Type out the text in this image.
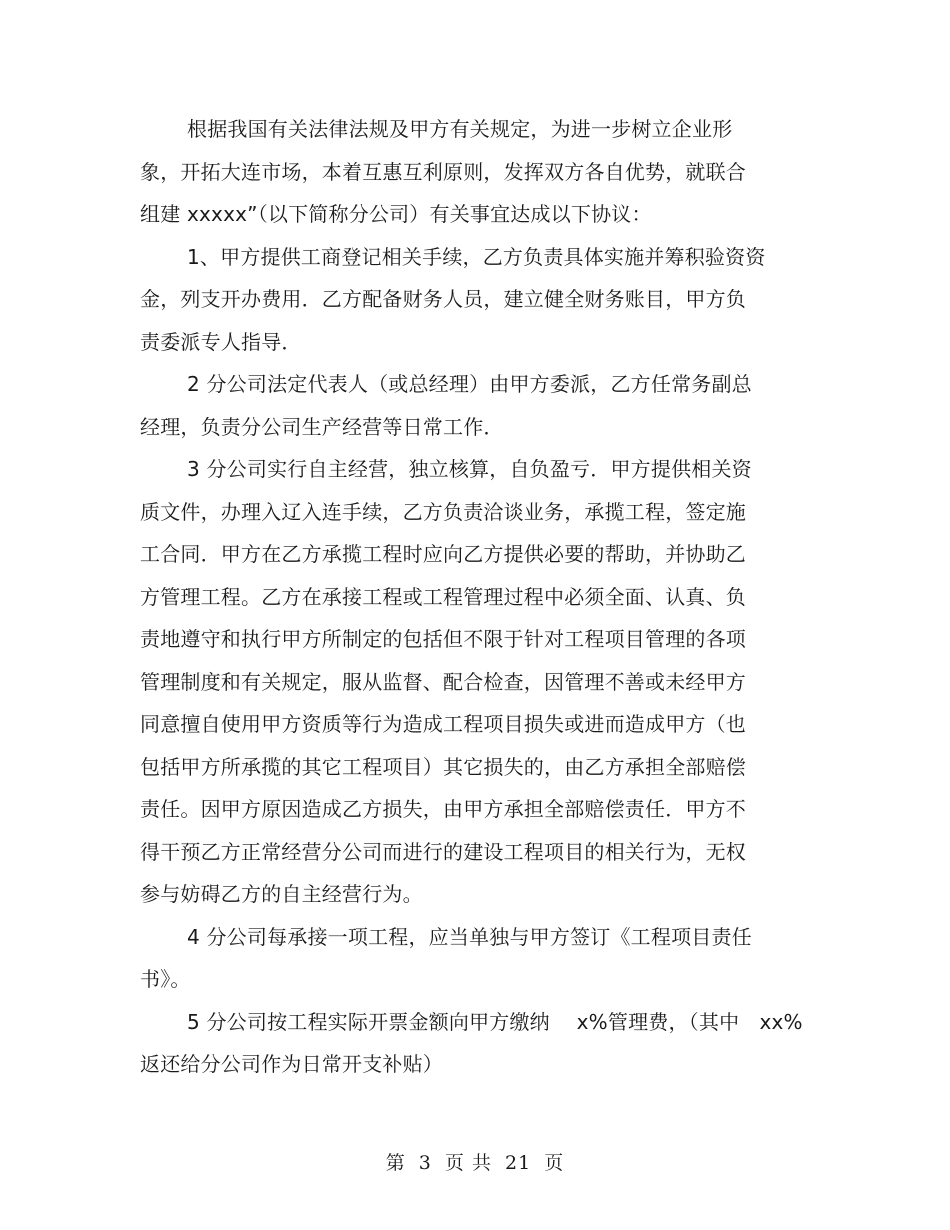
根据我国有关法律法规及甲方有关规定，为进一步树立企业形
象，开拓大连市场，本着互惠互利原则，发挥双方各自优势，就联合
组建 xxxxx”（以下简称分公司）有关事宜达成以下协议：
1、甲方提供工商登记相关手续，乙方负责具体实施并筹积验资资
金，列支开办费用．乙方配备财务人员，建立健全财务账目，甲方负
责委派专人指导．
2 分公司法定代表人（或总经理）由甲方委派，乙方任常务副总
经理，负责分公司生产经营等日常工作．
3 分公司实行自主经营，独立核算，自负盈亏．甲方提供相关资
质文件，办理入辽入连手续，乙方负责洽谈业务，承揽工程，签定施
工合同．甲方在乙方承揽工程时应向乙方提供必要的帮助，并协助乙
方管理工程。乙方在承接工程或工程管理过程中必须全面、认真、负
责地遵守和执行甲方所制定的包括但不限于针对工程项目管理的各项
管理制度和有关规定，服从监督、配合检查，因管理不善或未经甲方
同意擅自使用甲方资质等行为造成工程项目损失或进而造成甲方（也
包括甲方所承揽的其它工程项目）其它损失的，由乙方承担全部赔偿
责任。因甲方原因造成乙方损失，由甲方承担全部赔偿责任．甲方不
得干预乙方正常经营分公司而进行的建设工程项目的相关行为，无权
参与妨碍乙方的自主经营行为。
4 分公司每承接一项工程，应当单独与甲方签订《工程项目责任
书》。
5 分公司按工程实际开票金额向甲方缴纳　 x%管理费，（其中　xx%
返还给分公司作为日常开支补贴）
第 3 页 共 21 页
